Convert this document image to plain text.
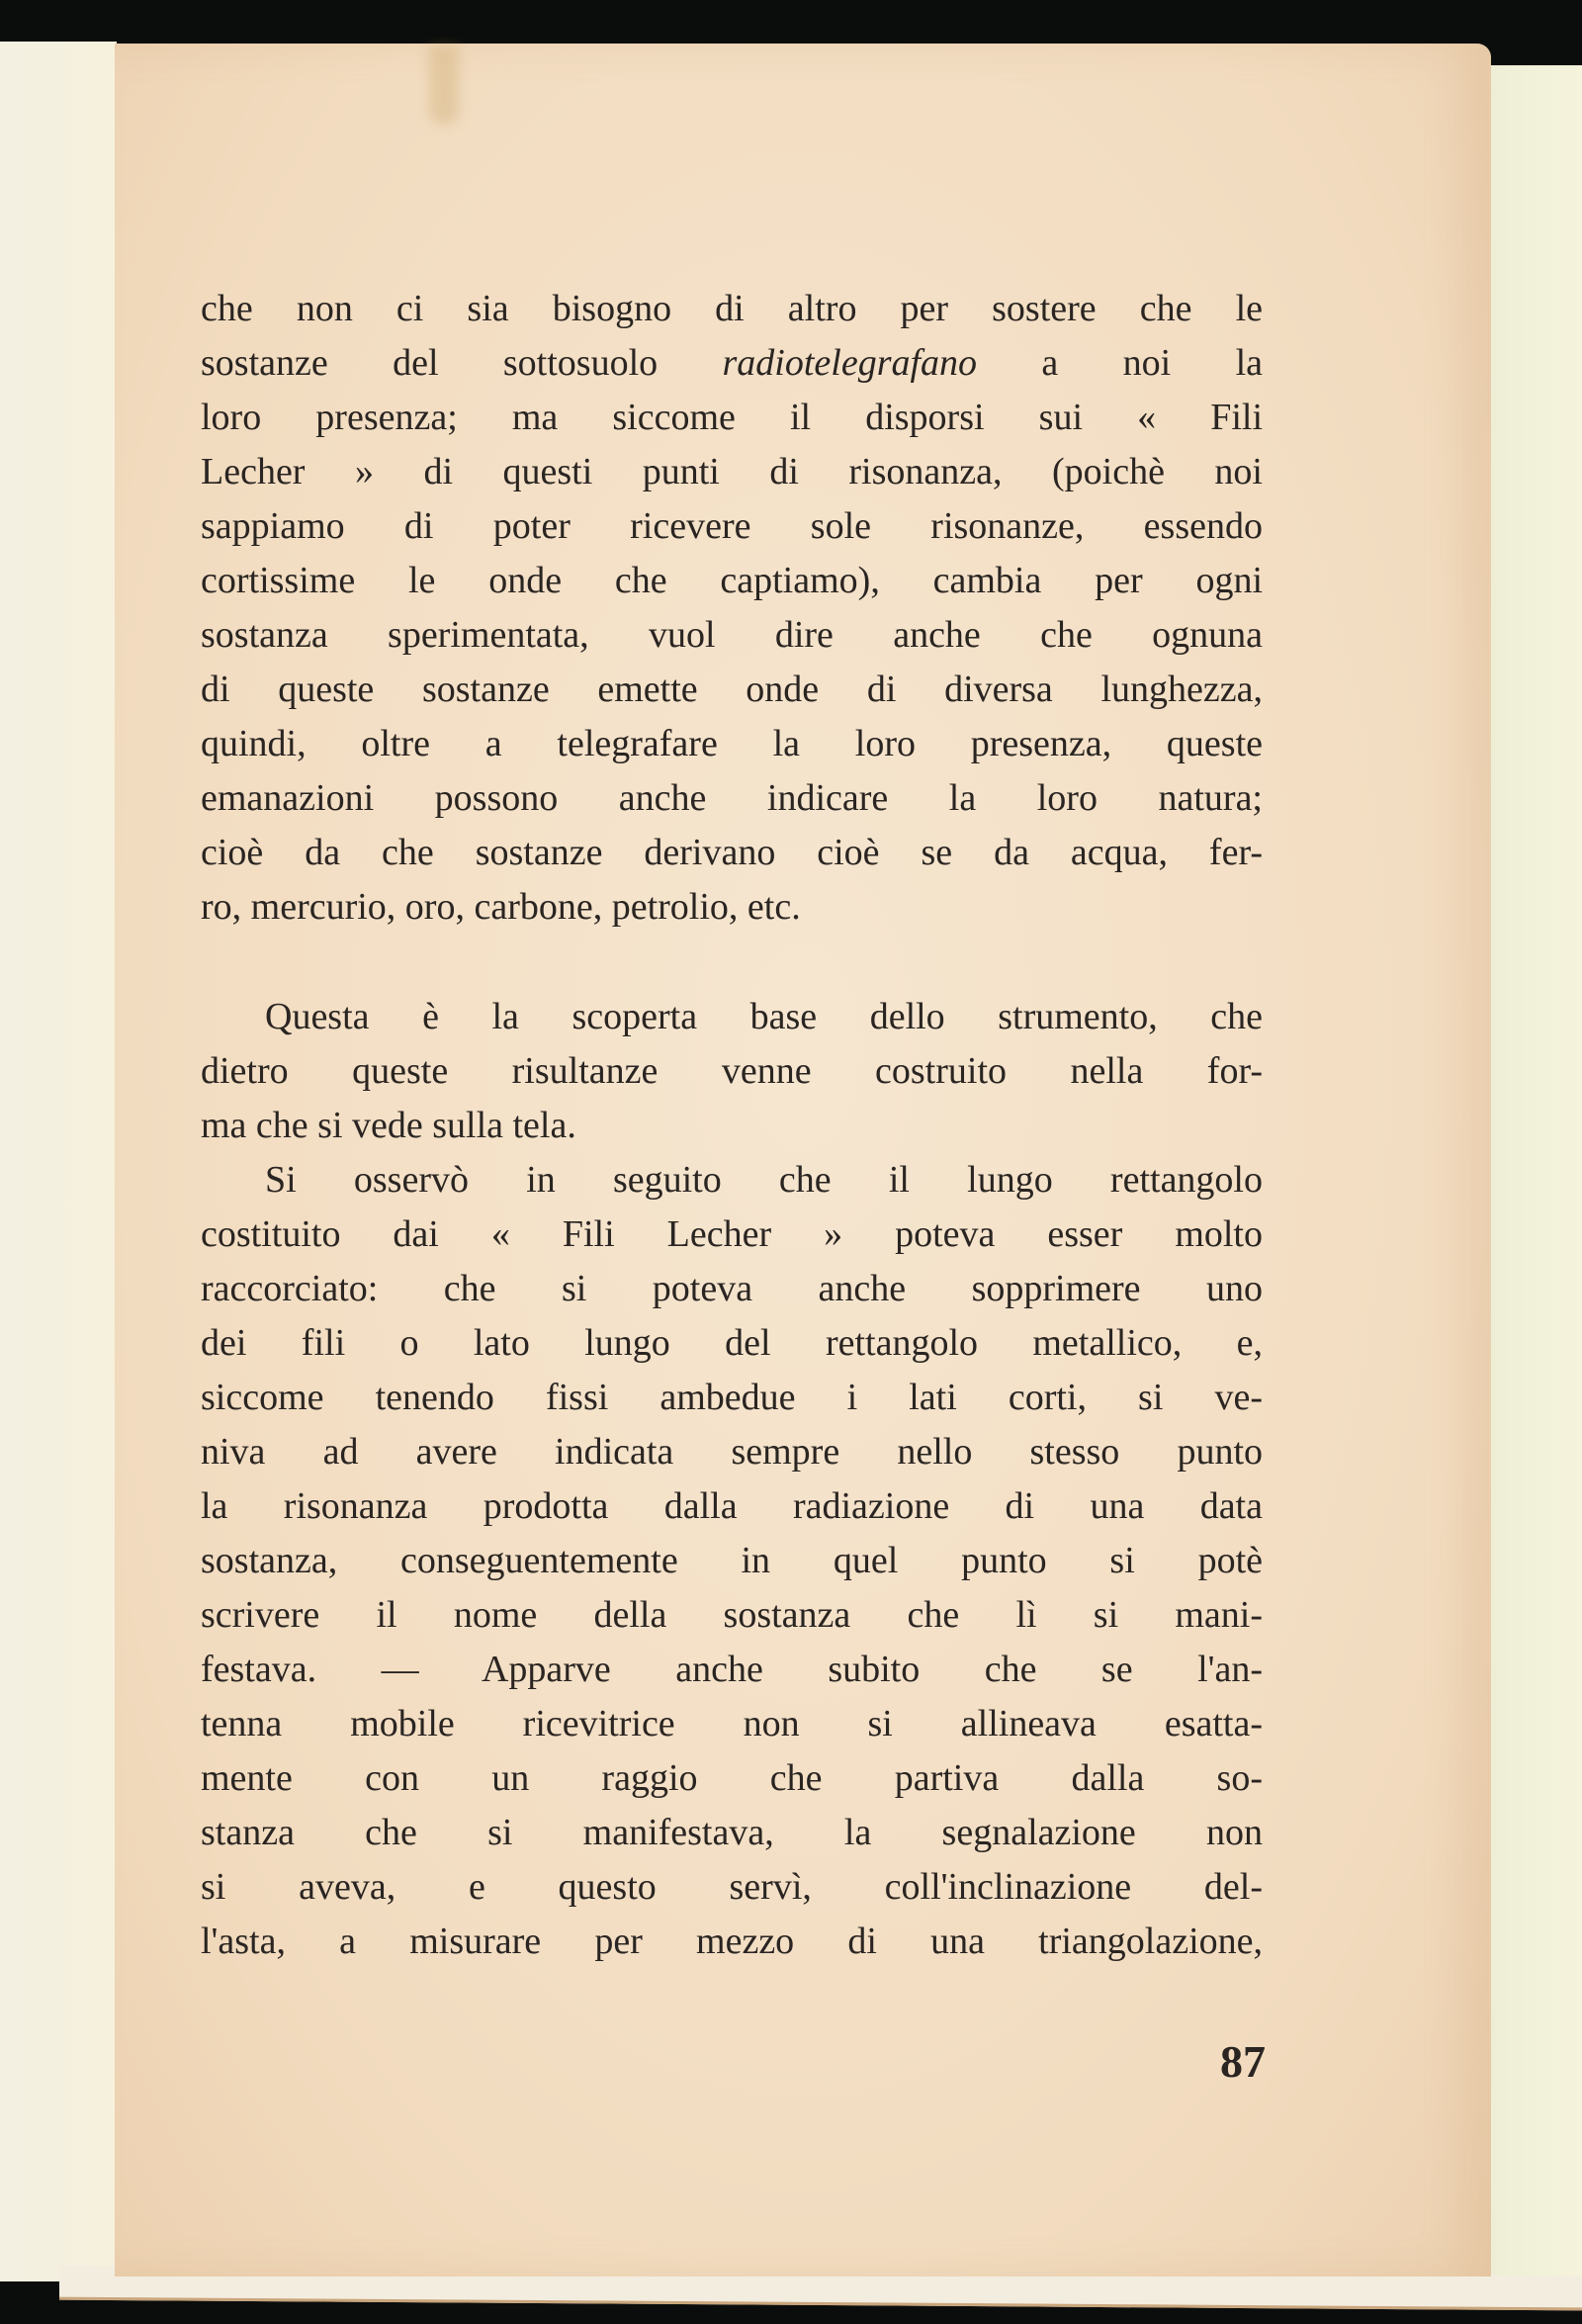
che non ci sia bisogno di altro per sostere che le
sostanze del sottosuolo radiotelegrafano a noi la
loro presenza; ma siccome il disporsi sui « Fili
Lecher » di questi punti di risonanza, (poichè noi
sappiamo di poter ricevere sole risonanze, essendo
cortissime le onde che captiamo), cambia per ogni
sostanza sperimentata, vuol dire anche che ognuna
di queste sostanze emette onde di diversa lunghezza,
quindi, oltre a telegrafare la loro presenza, queste
emanazioni possono anche indicare la loro natura;
cioè da che sostanze derivano cioè se da acqua, fer-
ro, mercurio, oro, carbone, petrolio, etc.
Questa è la scoperta base dello strumento, che
dietro queste risultanze venne costruito nella for-
ma che si vede sulla tela.
Si osservò in seguito che il lungo rettangolo
costituito dai « Fili Lecher » poteva esser molto
raccorciato: che si poteva anche sopprimere uno
dei fili o lato lungo del rettangolo metallico, e,
siccome tenendo fissi ambedue i lati corti, si ve-
niva ad avere indicata sempre nello stesso punto
la risonanza prodotta dalla radiazione di una data
sostanza, conseguentemente in quel punto si potè
scrivere il nome della sostanza che lì si mani-
festava. — Apparve anche subito che se l'an-
tenna mobile ricevitrice non si allineava esatta-
mente con un raggio che partiva dalla so-
stanza che si manifestava, la segnalazione non
si aveva, e questo servì, coll'inclinazione del-
l'asta, a misurare per mezzo di una triangolazione,
87
